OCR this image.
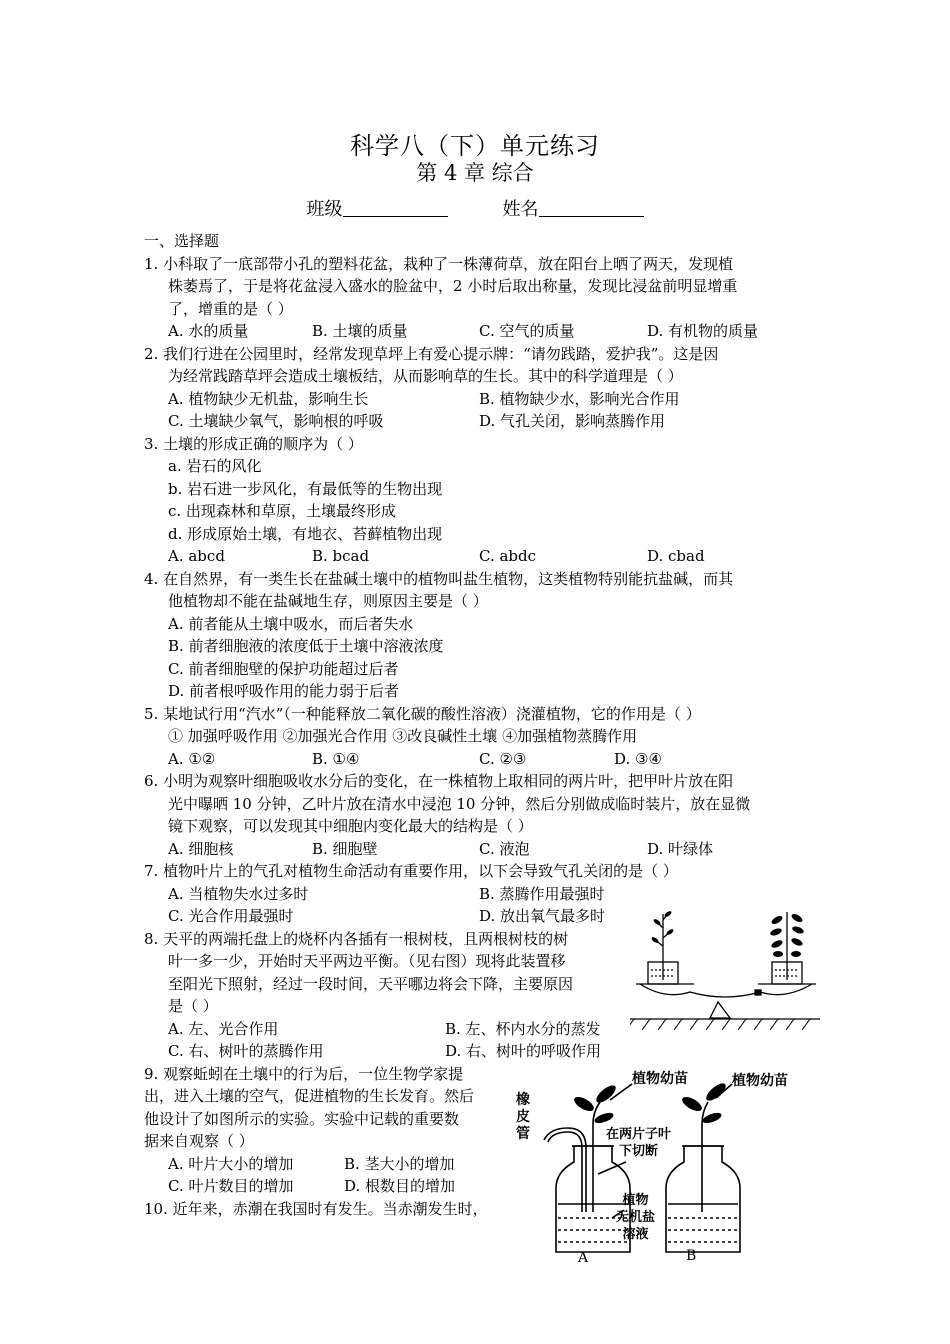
科学八（下）单元练习
第 4 章 综合
班级	姓名
一、选择题
1. 小科取了一底部带小孔的塑料花盆，栽种了一株薄荷草，放在阳台上晒了两天，发现植
株萎焉了，于是将花盆浸入盛水的脸盆中，2 小时后取出称量，发现比浸盆前明显增重
了，增重的是（ ）
A. 水的质量	B. 土壤的质量	C. 空气的质量	D. 有机物的质量
2. 我们行进在公园里时，经常发现草坪上有爱心提示牌：“请勿践踏，爱护我”。这是因
为经常践踏草坪会造成土壤板结，从而影响草的生长。其中的科学道理是（ ）
A. 植物缺少无机盐，影响生长	B. 植物缺少水，影响光合作用
C. 土壤缺少氧气，影响根的呼吸	D. 气孔关闭，影响蒸腾作用
3. 土壤的形成正确的顺序为（ ）
a. 岩石的风化
b. 岩石进一步风化，有最低等的生物出现
c. 出现森林和草原，土壤最终形成
d. 形成原始土壤，有地衣、苔藓植物出现
A. abcd	B. bcad	C. abdc	D. cbad
4. 在自然界，有一类生长在盐碱土壤中的植物叫盐生植物，这类植物特别能抗盐碱，而其
他植物却不能在盐碱地生存，则原因主要是（ ）
A. 前者能从土壤中吸水，而后者失水
B. 前者细胞液的浓度低于土壤中溶液浓度
C. 前者细胞壁的保护功能超过后者
D. 前者根呼吸作用的能力弱于后者
5. 某地试行用“汽水”（一种能释放二氧化碳的酸性溶液）浇灌植物，它的作用是（ ）
① 加强呼吸作用 ②加强光合作用 ③改良碱性土壤 ④加强植物蒸腾作用
A. ①②	B. ①④	C. ②③	D. ③④
6. 小明为观察叶细胞吸收水分后的变化，在一株植物上取相同的两片叶，把甲叶片放在阳
光中曝晒 10 分钟，乙叶片放在清水中浸泡 10 分钟，然后分别做成临时装片，放在显微
镜下观察，可以发现其中细胞内变化最大的结构是（ ）
A. 细胞核	B. 细胞壁	C. 液泡	D. 叶绿体
7. 植物叶片上的气孔对植物生命活动有重要作用，以下会导致气孔关闭的是（ ）
A. 当植物失水过多时	B. 蒸腾作用最强时
C. 光合作用最强时	D. 放出氧气最多时
8. 天平的两端托盘上的烧杯内各插有一根树枝，且两根树枝的树
叶一多一少，开始时天平两边平衡。（见右图）现将此装置移
至阳光下照射，经过一段时间，天平哪边将会下降，主要原因
是（ ）
A. 左、光合作用	B. 左、杯内水分的蒸发
C. 右、树叶的蒸腾作用	D. 右、树叶的呼吸作用
9. 观察蚯蚓在土壤中的行为后，一位生物学家提
出，进入土壤的空气，促进植物的生长发育。然后
他设计了如图所示的实验。实验中记载的重要数
据来自观察（ ）
A. 叶片大小的增加	B. 茎大小的增加
C. 叶片数目的增加	D. 根数目的增加
10. 近年来，赤潮在我国时有发生。当赤潮发生时，
植物幼苗	植物幼苗
橡
皮
管	在两片子叶
下切断
植物
无机盐
溶液
A	B
